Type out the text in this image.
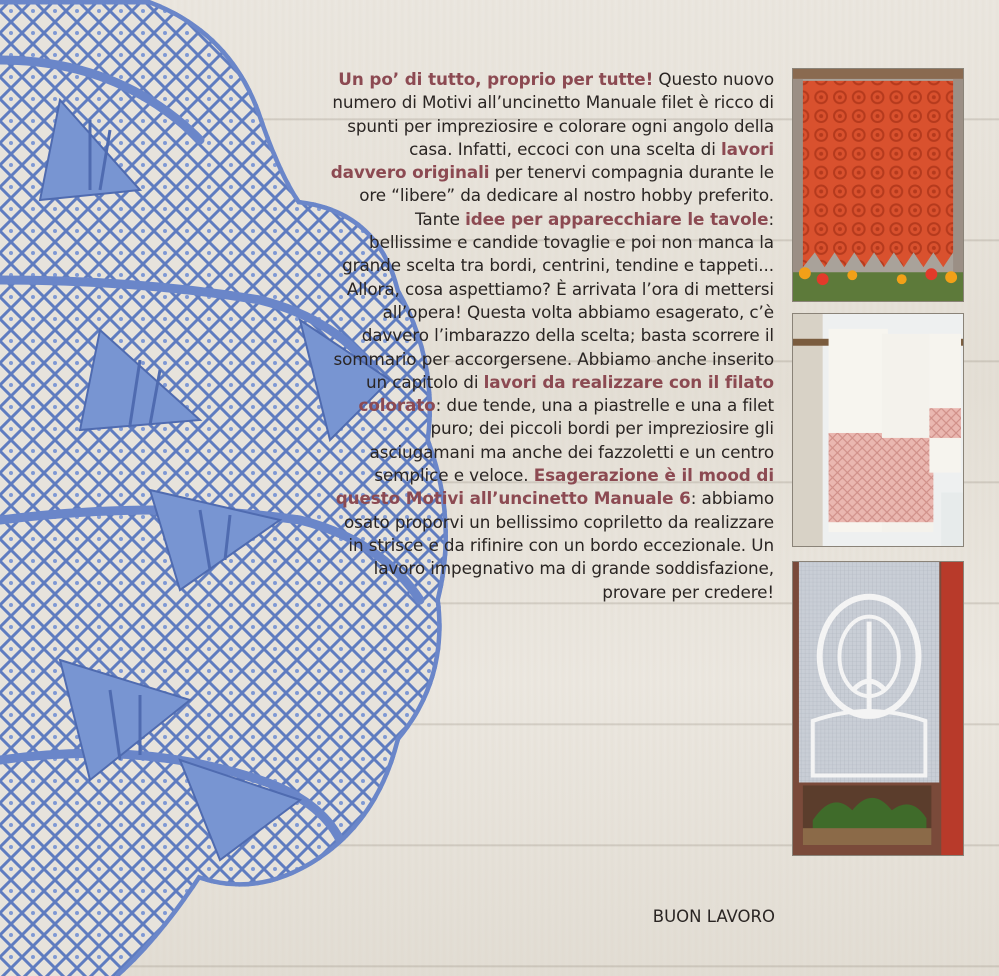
Un po’ di tutto, proprio per tutte! Questo nuovo numero di Motivi all’uncinetto Manuale filet è ricco di spunti per impreziosire e colorare ogni angolo della casa. Infatti, eccoci con una scelta di lavori davvero originali per tenervi compagnia durante le ore “libere” da dedicare al nostro hobby preferito. Tante idee per apparecchiare le tavole: bellissime e candide tovaglie e poi non manca la grande scelta tra bordi, centrini, tendine e tappeti... Allora, cosa aspettiamo? È arrivata l’ora di mettersi all’opera! Questa volta abbiamo esagerato, c’è davvero l’imbarazzo della scelta; basta scorrere il sommario per accorgersene. Abbiamo anche inserito un capitolo di lavori da realizzare con il filato colorato: due tende, una a piastrelle e una a filet puro; dei piccoli bordi per impreziosire gli asciugamani ma anche dei fazzoletti e un centro semplice e veloce. Esagerazione è il mood di questo Motivi all’uncinetto Manuale 6: abbiamo osato proporvi un bellissimo copriletto da realizzare in strisce e da rifinire con un bordo eccezionale. Un lavoro impegnativo ma di grande soddisfazione, provare per credere!
BUON LAVORO
